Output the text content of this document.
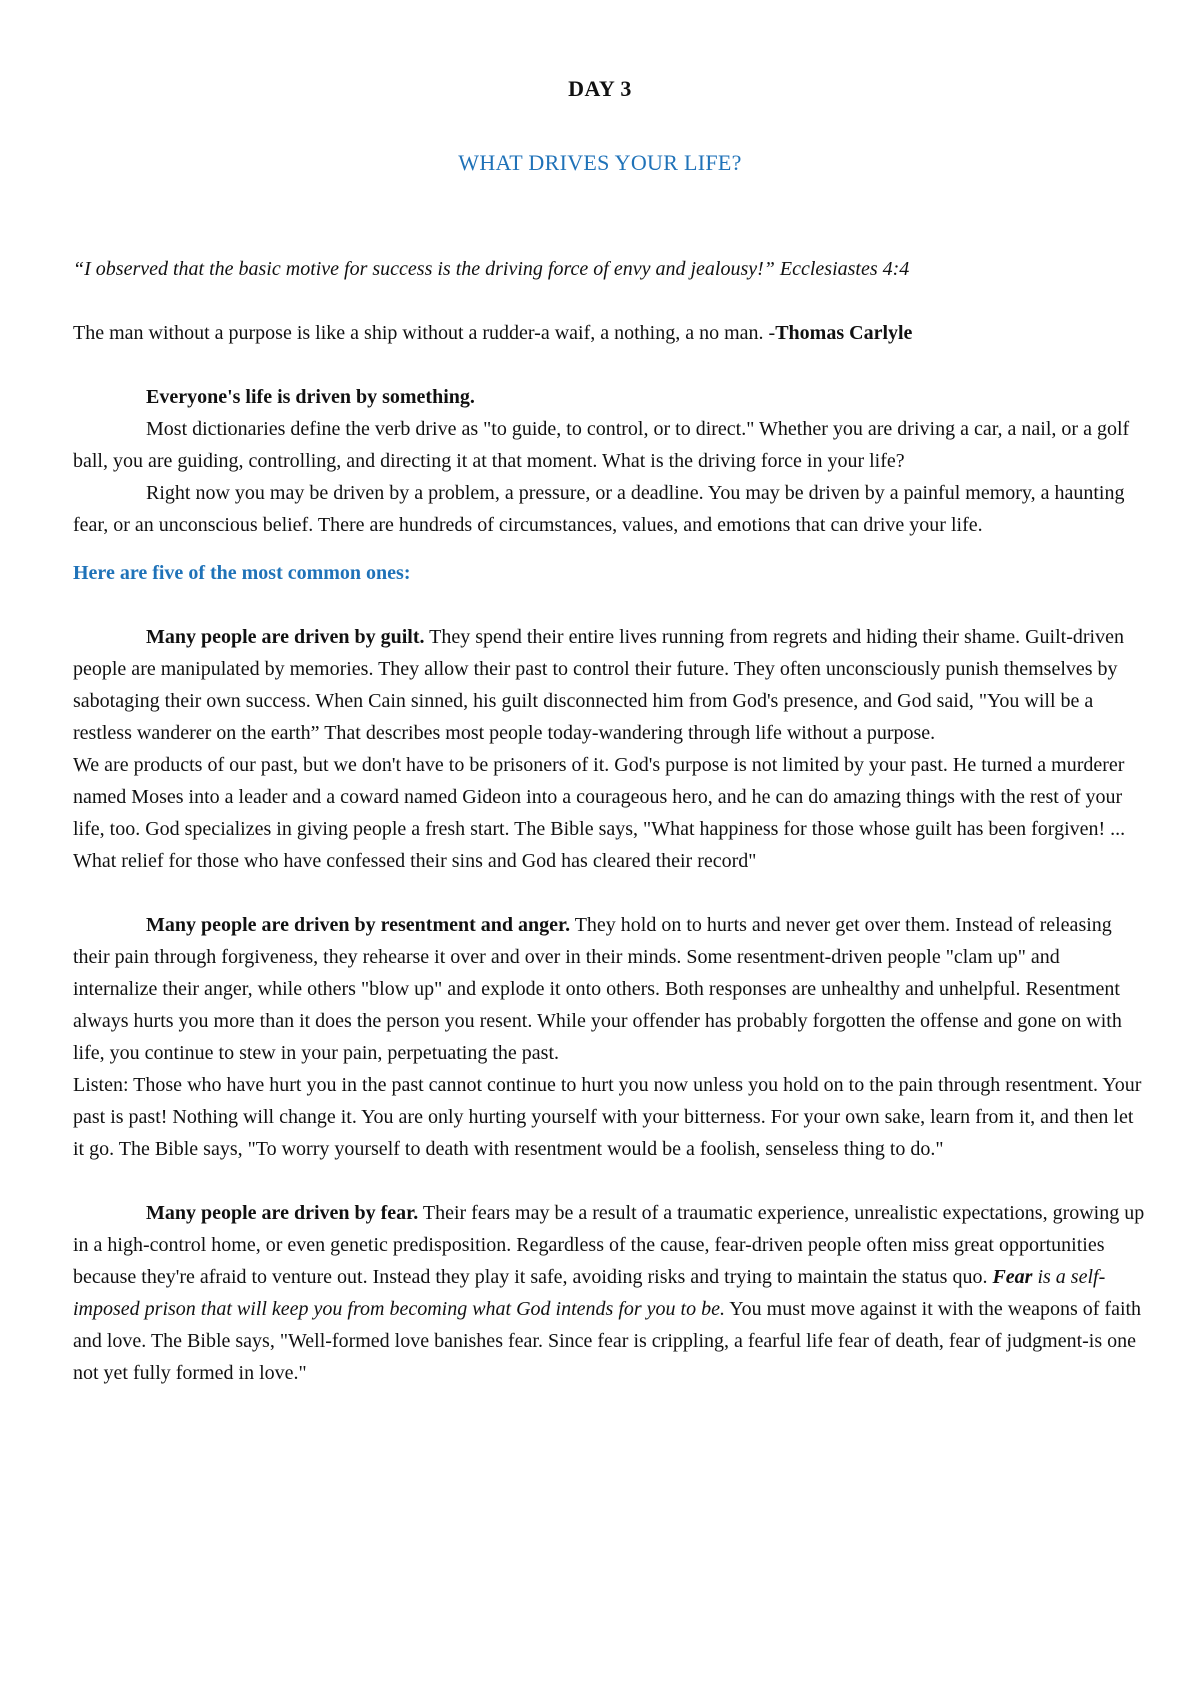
DAY 3
WHAT DRIVES YOUR LIFE?

“I observed that the basic motive for success is the driving force of envy and jealousy!” Ecclesiastes 4:4

The man without a purpose is like a ship without a rudder-a waif, a nothing, a no man. -Thomas Carlyle

Everyone's life is driven by something.

Most dictionaries define the verb drive as "to guide, to control, or to direct." Whether you are driving a car, a nail, or a golf ball, you are guiding, controlling, and directing it at that moment. What is the driving force in your life?

Right now you may be driven by a problem, a pressure, or a deadline. You may be driven by a painful memory, a haunting fear, or an unconscious belief. There are hundreds of circumstances, values, and emotions that can drive your life.

Here are five of the most common ones:

Many people are driven by guilt. They spend their entire lives running from regrets and hiding their shame. Guilt-driven people are manipulated by memories. They allow their past to control their future. They often unconsciously punish themselves by sabotaging their own success. When Cain sinned, his guilt disconnected him from God's presence, and God said, "You will be a restless wanderer on the earth” That describes most people today-wandering through life without a purpose.

We are products of our past, but we don't have to be prisoners of it. God's purpose is not limited by your past. He turned a murderer named Moses into a leader and a coward named Gideon into a courageous hero, and he can do amazing things with the rest of your life, too. God specializes in giving people a fresh start. The Bible says, "What happiness for those whose guilt has been forgiven! ... What relief for those who have confessed their sins and God has cleared their record"

Many people are driven by resentment and anger. They hold on to hurts and never get over them. Instead of releasing their pain through forgiveness, they rehearse it over and over in their minds. Some resentment-driven people "clam up" and internalize their anger, while others "blow up" and explode it onto others. Both responses are unhealthy and unhelpful. Resentment always hurts you more than it does the person you resent. While your offender has probably forgotten the offense and gone on with life, you continue to stew in your pain, perpetuating the past.

Listen: Those who have hurt you in the past cannot continue to hurt you now unless you hold on to the pain through resentment. Your past is past! Nothing will change it. You are only hurting yourself with your bitterness. For your own sake, learn from it, and then let it go. The Bible says, "To worry yourself to death with resentment would be a foolish, senseless thing to do."

Many people are driven by fear. Their fears may be a result of a traumatic experience, unrealistic expectations, growing up in a high-control home, or even genetic predisposition. Regardless of the cause, fear-driven people often miss great opportunities because they're afraid to venture out. Instead they play it safe, avoiding risks and trying to maintain the status quo. Fear is a self-imposed prison that will keep you from becoming what God intends for you to be. You must move against it with the weapons of faith and love. The Bible says, "Well-formed love banishes fear. Since fear is crippling, a fearful life fear of death, fear of judgment-is one not yet fully formed in love."
